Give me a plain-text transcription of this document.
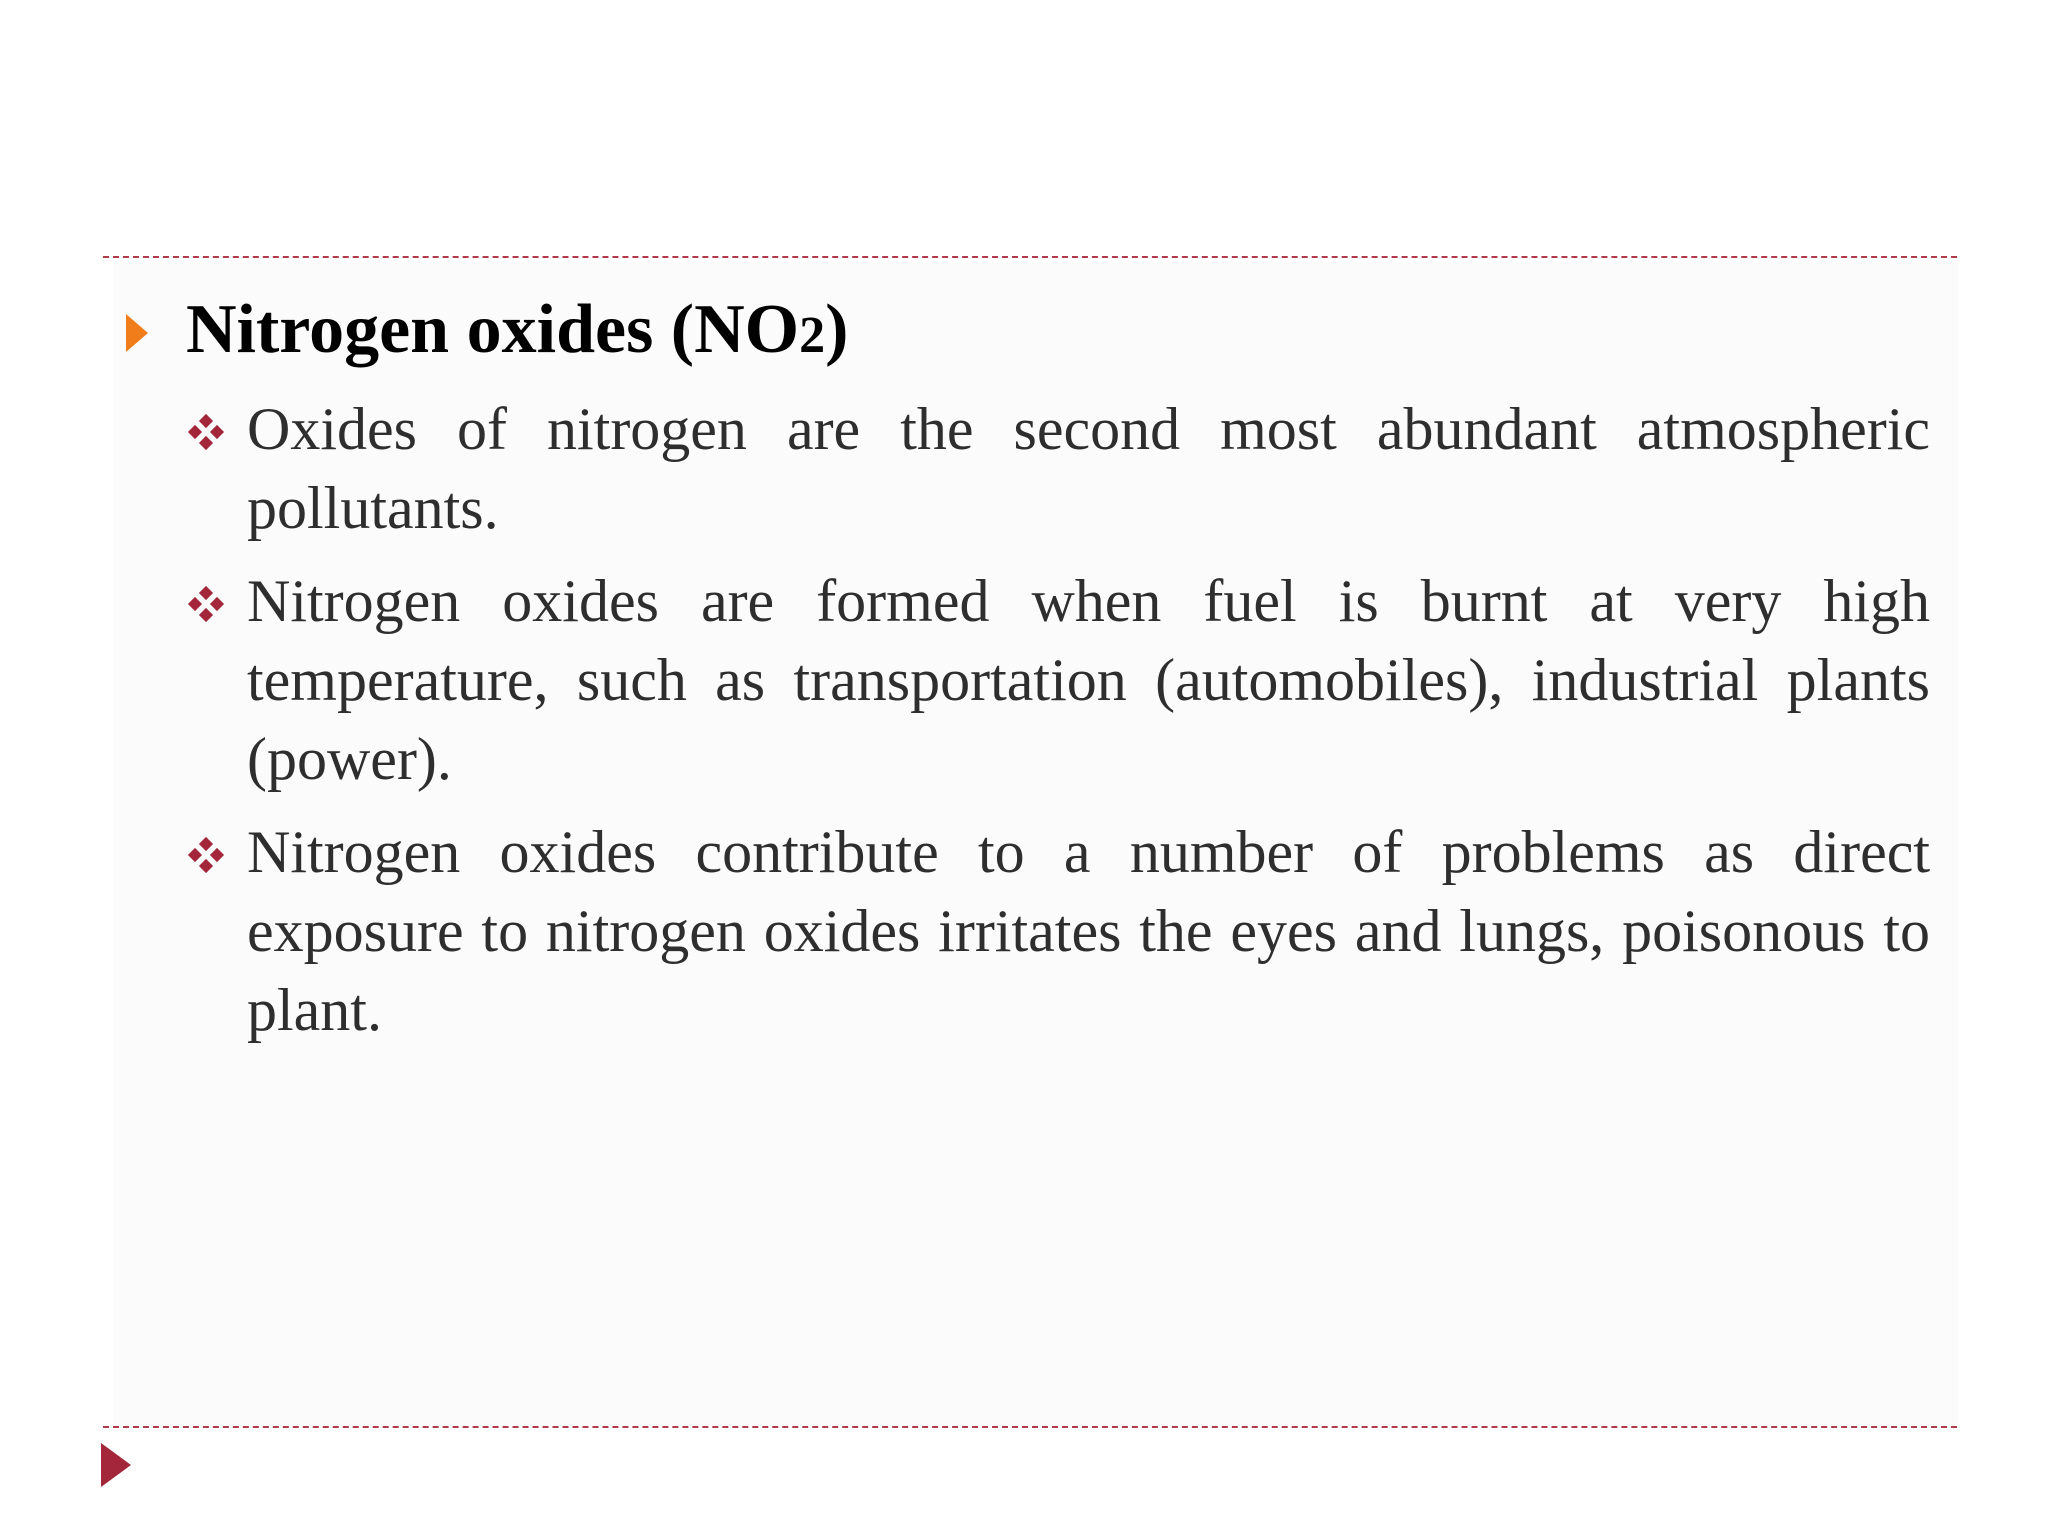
Nitrogen oxides (NO2)
Oxides of nitrogen are the second most abundant atmospheric pollutants.
Nitrogen oxides are formed when fuel is burnt at very high temperature, such as transportation (automobiles), industrial plants (power).
Nitrogen oxides contribute to a number of problems as direct exposure to nitrogen oxides irritates the eyes and lungs, poisonous to plant.
